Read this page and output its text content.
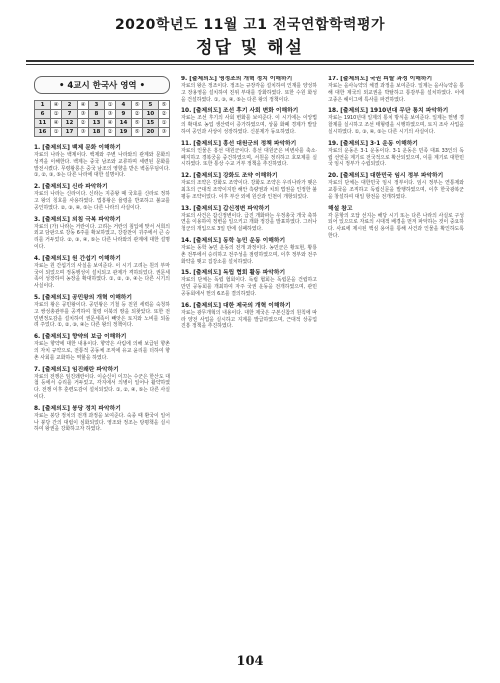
2020학년도 11월 고1 전국연합학력평가
정답 및 해설
• 4교시 한국사 영역 •
1	④	2	④	3	①	4	⑤	5	⑤
6	①	7	③	8	③	9	②	10	②
11	④	12	②	13	④	14	⑤	15	①
16	①	17	③	18	②	19	⑤	20	③
1. [출제의도] 백제 문화 이해하기
자료의 나라는 백제이다. 백제와 주변 나라와의 관계와 문화의 성격을 이해한다. 백제는 중국 남조와 교류하며 세련된 문화를 발전시켰다. 무령왕릉은 중국 남조의 영향을 받은 벽돌무덤이다. ①, ②, ③, ⑤는 다른 나라에 대한 설명이다.
2. [출제의도] 신라 파악하기
자료의 나라는 신라이다. 신라는 지증왕 때 국호를 신라로 정하고 왕의 칭호를 사용하였다. 법흥왕은 율령을 반포하고 불교를 공인하였다. ②, ③, ④, ⑤는 다른 나라의 사실이다.
3. [출제의도] 외침 극복 파악하기
자료의 (가) 나라는 거란이다. 고려는 거란의 침입에 맞서 서희의 외교 담판으로 강동 6주를 확보하였고, 강감찬이 귀주에서 큰 승리를 거두었다. ②, ③, ④, ⑤는 다른 나라와의 관계에 대한 설명이다.
4. [출제의도] 원 간섭기 이해하기
자료는 원 간섭기의 사실을 보여준다. 이 시기 고려는 원의 부마국이 되었으며 정동행성이 설치되고 관제가 격하되었다. 권문세족이 성장하여 농장을 확대하였다. ①, ②, ③, ④는 다른 시기의 사실이다.
5. [출제의도] 공민왕의 개혁 이해하기
자료의 왕은 공민왕이다. 공민왕은 기철 등 친원 세력을 숙청하고 쌍성총관부를 공격하여 철령 이북의 땅을 되찾았다. 또한 전민변정도감을 설치하여 권문세족이 빼앗은 토지와 노비를 되돌려 주었다. ①, ②, ③, ④는 다른 왕의 정책이다.
6. [출제의도] 향약의 보급 이해하기
자료는 향약에 대한 내용이다. 향약은 사림에 의해 보급된 향촌의 자치 규약으로, 전통적 공동체 조직에 유교 윤리를 더하여 향촌 사회를 교화하는 역할을 하였다.
7. [출제의도] 임진왜란 파악하기
자료의 전쟁은 임진왜란이다. 이순신이 이끄는 수군은 한산도 대첩 등에서 승리를 거두었고, 각지에서 의병이 일어나 활약하였다. 전쟁 이후 훈련도감이 설치되었다. ①, ②, ④, ⑤는 다른 사실이다.
8. [출제의도] 붕당 정치 파악하기
자료는 붕당 정치의 전개 과정을 보여준다. 숙종 때 환국이 일어나 붕당 간의 대립이 심화되었다. 영조와 정조는 탕평책을 실시하여 왕권을 강화하고자 하였다.
9. [출제의도] 영정조의 개혁 정치 이해하기
자료의 왕은 정조이다. 정조는 규장각을 설치하여 인재를 양성하고 장용영을 설치하여 친위 부대를 강화하였다. 또한 수원 화성을 건설하였다. ①, ③, ④, ⑤는 다른 왕의 정책이다.
10. [출제의도] 조선 후기 사회 변화 이해하기
자료는 조선 후기의 사회 변화를 보여준다. 이 시기에는 이앙법의 확대로 농업 생산력이 증가하였으며, 상품 화폐 경제가 발달하여 공인과 사상이 성장하였다. 신분제가 동요하였다.
11. [출제의도] 흥선 대원군의 정책 파악하기
자료의 인물은 흥선 대원군이다. 흥선 대원군은 비변사를 축소·폐지하고 경복궁을 중건하였으며, 서원을 정리하고 호포제를 실시하였다. 또한 통상 수교 거부 정책을 추진하였다.
12. [출제의도] 강화도 조약 이해하기
자료의 조약은 강화도 조약이다. 강화도 조약은 우리나라가 맺은 최초의 근대적 조약이지만 해안 측량권과 치외 법권을 인정한 불평등 조약이었다. 이후 부산 외에 원산과 인천이 개항되었다.
13. [출제의도] 갑신정변 파악하기
자료의 사건은 갑신정변이다. 급진 개화파는 우정총국 개국 축하연을 이용하여 정변을 일으키고 개화 정강을 발표하였다. 그러나 청군의 개입으로 3일 만에 실패하였다.
14. [출제의도] 동학 농민 운동 이해하기
자료는 동학 농민 운동의 전개 과정이다. 농민군은 황토현, 황룡촌 전투에서 승리하고 전주성을 점령하였으며, 이후 정부와 전주 화약을 맺고 집강소를 설치하였다.
15. [출제의도] 독립 협회 활동 파악하기
자료의 단체는 독립 협회이다. 독립 협회는 독립문을 건립하고 만민 공동회를 개최하여 자주 국권 운동을 전개하였으며, 관민 공동회에서 헌의 6조를 결의하였다.
16. [출제의도] 대한 제국의 개혁 이해하기
자료는 광무개혁의 내용이다. 대한 제국은 구본신참의 원칙에 따라 양전 사업을 실시하고 지계를 발급하였으며, 근대적 상공업 진흥 정책을 추진하였다.
17. [출제의도] 국권 피탈 과정 이해하기
자료는 을사늑약의 체결 과정을 보여준다. 일제는 을사늑약을 통해 대한 제국의 외교권을 박탈하고 통감부를 설치하였다. 이에 고종은 헤이그에 특사를 파견하였다.
18. [출제의도] 1910년대 무단 통치 파악하기
자료는 1910년대 일제의 통치 방식을 보여준다. 일제는 헌병 경찰제를 실시하고 조선 태형령을 시행하였으며, 토지 조사 사업을 실시하였다. ①, ③, ④, ⑤는 다른 시기의 사실이다.
19. [출제의도] 3·1 운동 이해하기
자료의 운동은 3·1 운동이다. 3·1 운동은 민족 대표 33인의 독립 선언을 계기로 전국적으로 확산되었으며, 이를 계기로 대한민국 임시 정부가 수립되었다.
20. [출제의도] 대한민국 임시 정부 파악하기
자료의 단체는 대한민국 임시 정부이다. 임시 정부는 연통제와 교통국을 조직하고 독립신문을 발행하였으며, 이후 한국광복군을 창설하여 대일 항전을 전개하였다.
해설 참고
각 문항의 오답 선지는 해당 시기 또는 다른 나라의 사실로 구성되어 있으므로 자료의 시대적 배경을 먼저 파악하는 것이 중요하다. 사료에 제시된 핵심 용어를 통해 사건과 인물을 확인하도록 한다.
104
